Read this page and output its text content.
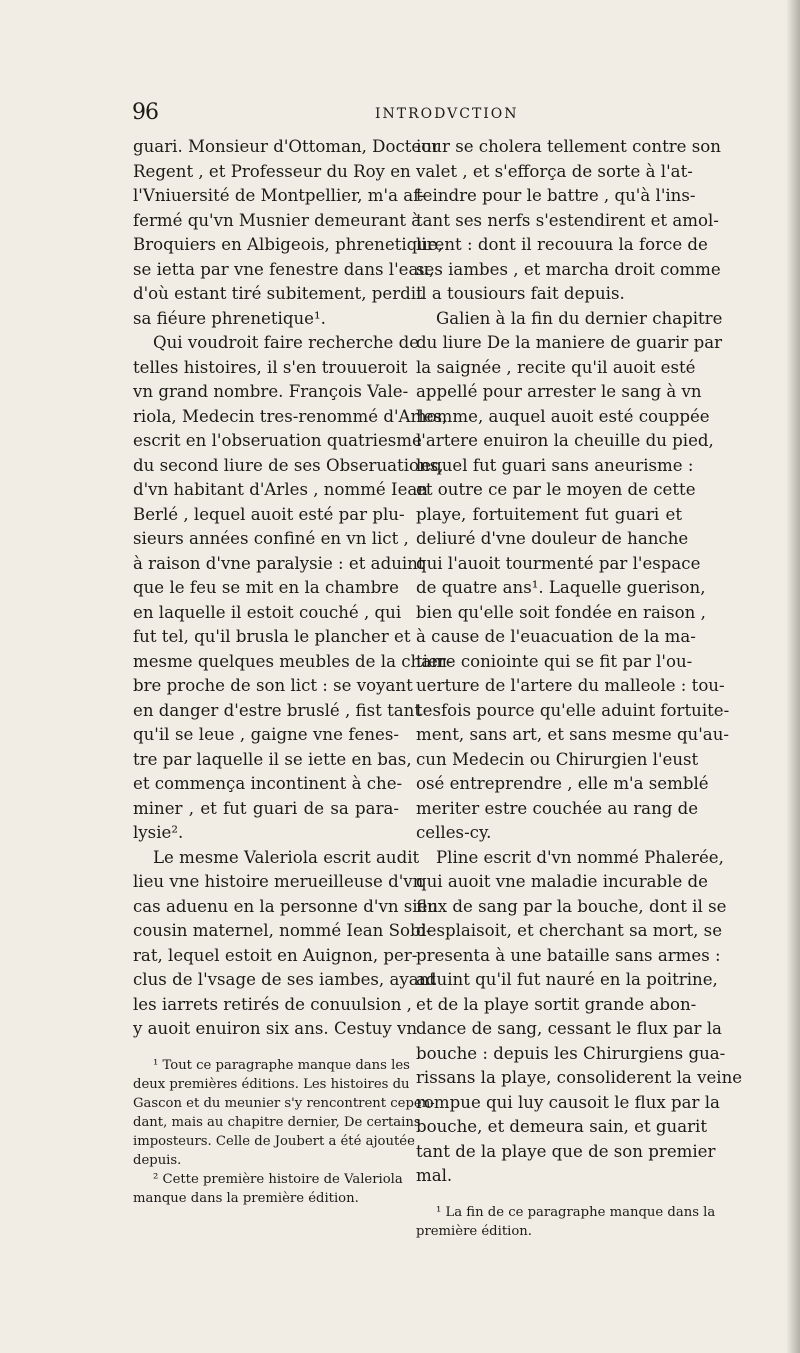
96	INTRODVCTION

guari. Monsieur d'Ottoman, Docteur
Regent , et Professeur du Roy en
l'Vniuersité de Montpellier, m'a af-
fermé qu'vn Musnier demeurant à
Broquiers en Albigeois, phrenetique,
se ietta par vne fenestre dans l'eau,
d'où estant tiré subitement, perdit
sa fiéure phrenetique¹.

Qui voudroit faire recherche de
telles histoires, il s'en trouueroit
vn grand nombre. François Vale-
riola, Medecin tres-renommé d'Arles,
escrit en l'obseruation quatriesme
du second liure de ses Obseruations,
d'vn habitant d'Arles , nommé Iean
Berlé , lequel auoit esté par plu-
sieurs années confiné en vn lict ,
à raison d'vne paralysie : et aduint
que le feu se mit en la chambre
en laquelle il estoit couché , qui
fut tel, qu'il brusla le plancher et
mesme quelques meubles de la cham-
bre proche de son lict : se voyant
en danger d'estre bruslé , fist tant
qu'il se leue , gaigne vne fenes-
tre par laquelle il se iette en bas,
et commença incontinent à che-
miner , et fut guari de sa para-
lysie².

Le mesme Valeriola escrit audit
lieu vne histoire merueilleuse d'vn
cas aduenu en la personne d'vn sien
cousin maternel, nommé Iean Sobi-
rat, lequel estoit en Auignon, per-
clus de l'vsage de ses iambes, ayant
les iarrets retirés de conuulsion ,
y auoit enuiron six ans. Cestuy vn

¹ Tout ce paragraphe manque dans les
deux premières éditions. Les histoires du
Gascon et du meunier s'y rencontrent cepen-
dant, mais au chapitre dernier, De certains
imposteurs. Celle de Joubert a été ajoutée
depuis.

² Cette première histoire de Valeriola
manque dans la première édition.

iour se cholera tellement contre son
valet , et s'efforça de sorte à l'at-
teindre pour le battre , qu'à l'ins-
tant ses nerfs s'estendirent et amol-
lirent : dont il recouura la force de
ses iambes , et marcha droit comme
il a tousiours fait depuis.

Galien à la fin du dernier chapitre
du liure De la maniere de guarir par
la saignée , recite qu'il auoit esté
appellé pour arrester le sang à vn
homme, auquel auoit esté couppée
l'artere enuiron la cheuille du pied,
lequel fut guari sans aneurisme :
et outre ce par le moyen de cette
playe, fortuitement fut guari et
deliuré d'vne douleur de hanche
qui l'auoit tourmenté par l'espace
de quatre ans¹. Laquelle guerison,
bien qu'elle soit fondée en raison ,
à cause de l'euacuation de la ma-
tiere coniointe qui se fit par l'ou-
uerture de l'artere du malleole : tou-
tesfois pource qu'elle aduint fortuite-
ment, sans art, et sans mesme qu'au-
cun Medecin ou Chirurgien l'eust
osé entreprendre , elle m'a semblé
meriter estre couchée au rang de
celles-cy.

Pline escrit d'vn nommé Phalerée,
qui auoit vne maladie incurable de
flux de sang par la bouche, dont il se
desplaisoit, et cherchant sa mort, se
presenta à une bataille sans armes :
aduint qu'il fut nauré en la poitrine,
et de la playe sortit grande abon-
dance de sang, cessant le flux par la
bouche : depuis les Chirurgiens gua-
rissans la playe, consoliderent la veine
rompue qui luy causoit le flux par la
bouche, et demeura sain, et guarit
tant de la playe que de son premier
mal.

¹ La fin de ce paragraphe manque dans la
première édition.
